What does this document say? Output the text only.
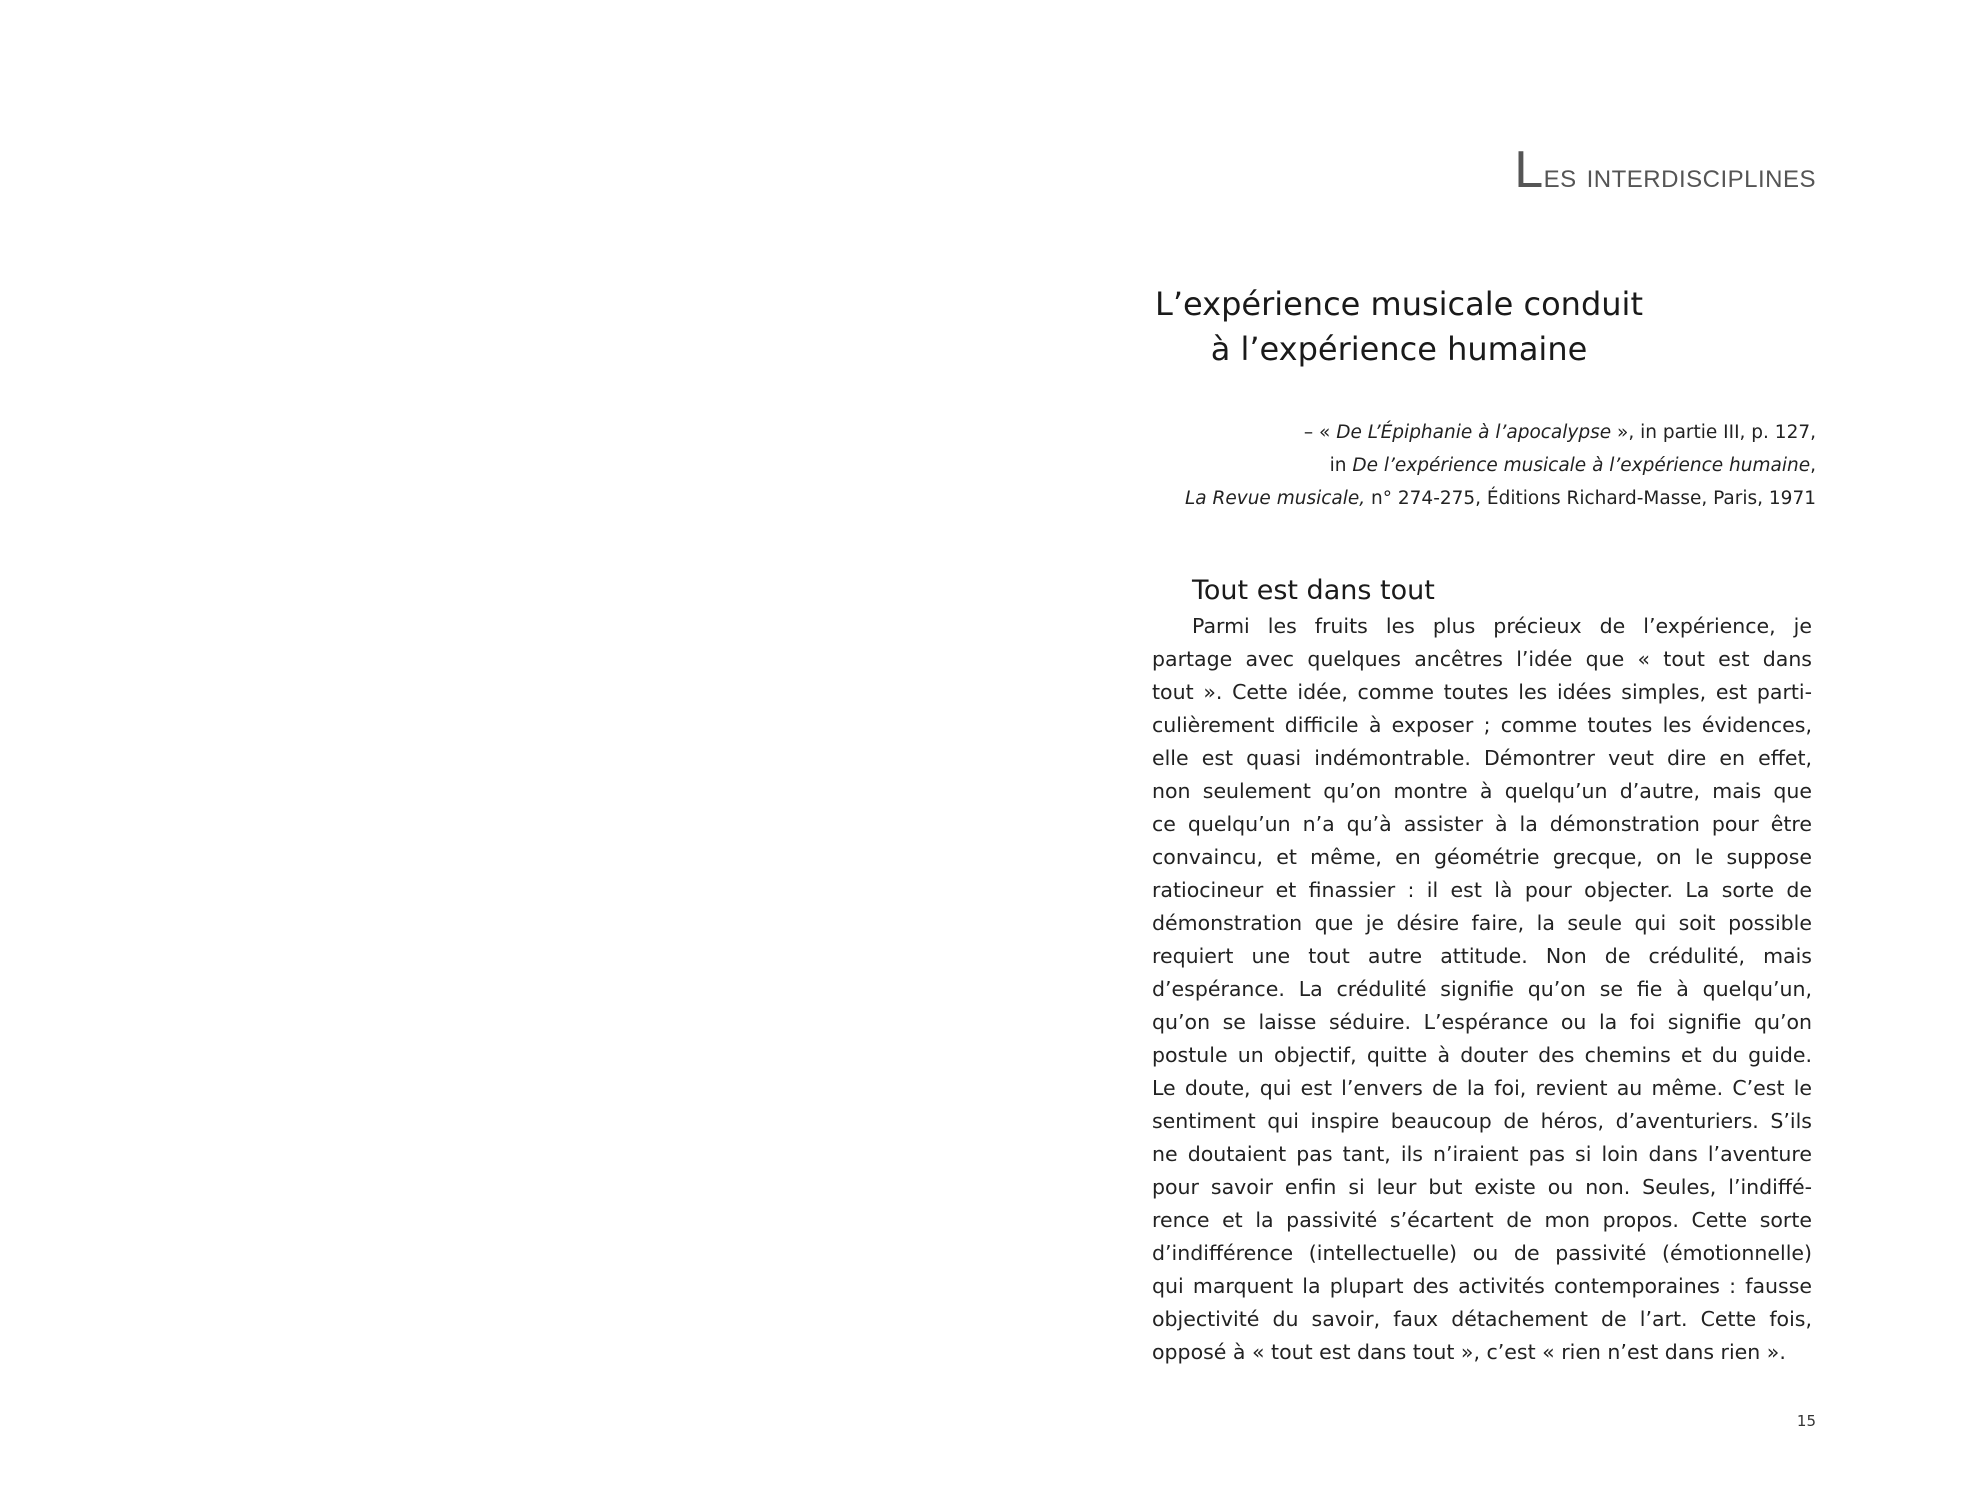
Les interdisciplines
L’expérience musicale conduit
à l’expérience humaine
– « De L’Épiphanie à l’apocalypse », in partie III, p. 127,
in De l’expérience musicale à l’expérience humaine,
La Revue musicale, n° 274-275, Éditions Richard-Masse, Paris, 1971
Tout est dans tout
Parmi les fruits les plus précieux de l’expérience, je
partage avec quelques ancêtres l’idée que « tout est dans
tout ». Cette idée, comme toutes les idées simples, est parti-
culièrement difficile à exposer ; comme toutes les évidences,
elle est quasi indémontrable. Démontrer veut dire en effet,
non seulement qu’on montre à quelqu’un d’autre, mais que
ce quelqu’un n’a qu’à assister à la démonstration pour être
convaincu, et même, en géométrie grecque, on le suppose
ratiocineur et finassier : il est là pour objecter. La sorte de
démonstration que je désire faire, la seule qui soit possible
requiert une tout autre attitude. Non de crédulité, mais
d’espérance. La crédulité signifie qu’on se fie à quelqu’un,
qu’on se laisse séduire. L’espérance ou la foi signifie qu’on
postule un objectif, quitte à douter des chemins et du guide.
Le doute, qui est l’envers de la foi, revient au même. C’est le
sentiment qui inspire beaucoup de héros, d’aventuriers. S’ils
ne doutaient pas tant, ils n’iraient pas si loin dans l’aventure
pour savoir enfin si leur but existe ou non. Seules, l’indiffé-
rence et la passivité s’écartent de mon propos. Cette sorte
d’indifférence (intellectuelle) ou de passivité (émotionnelle)
qui marquent la plupart des activités contemporaines : fausse
objectivité du savoir, faux détachement de l’art. Cette fois,
opposé à « tout est dans tout », c’est « rien n’est dans rien ».
15
